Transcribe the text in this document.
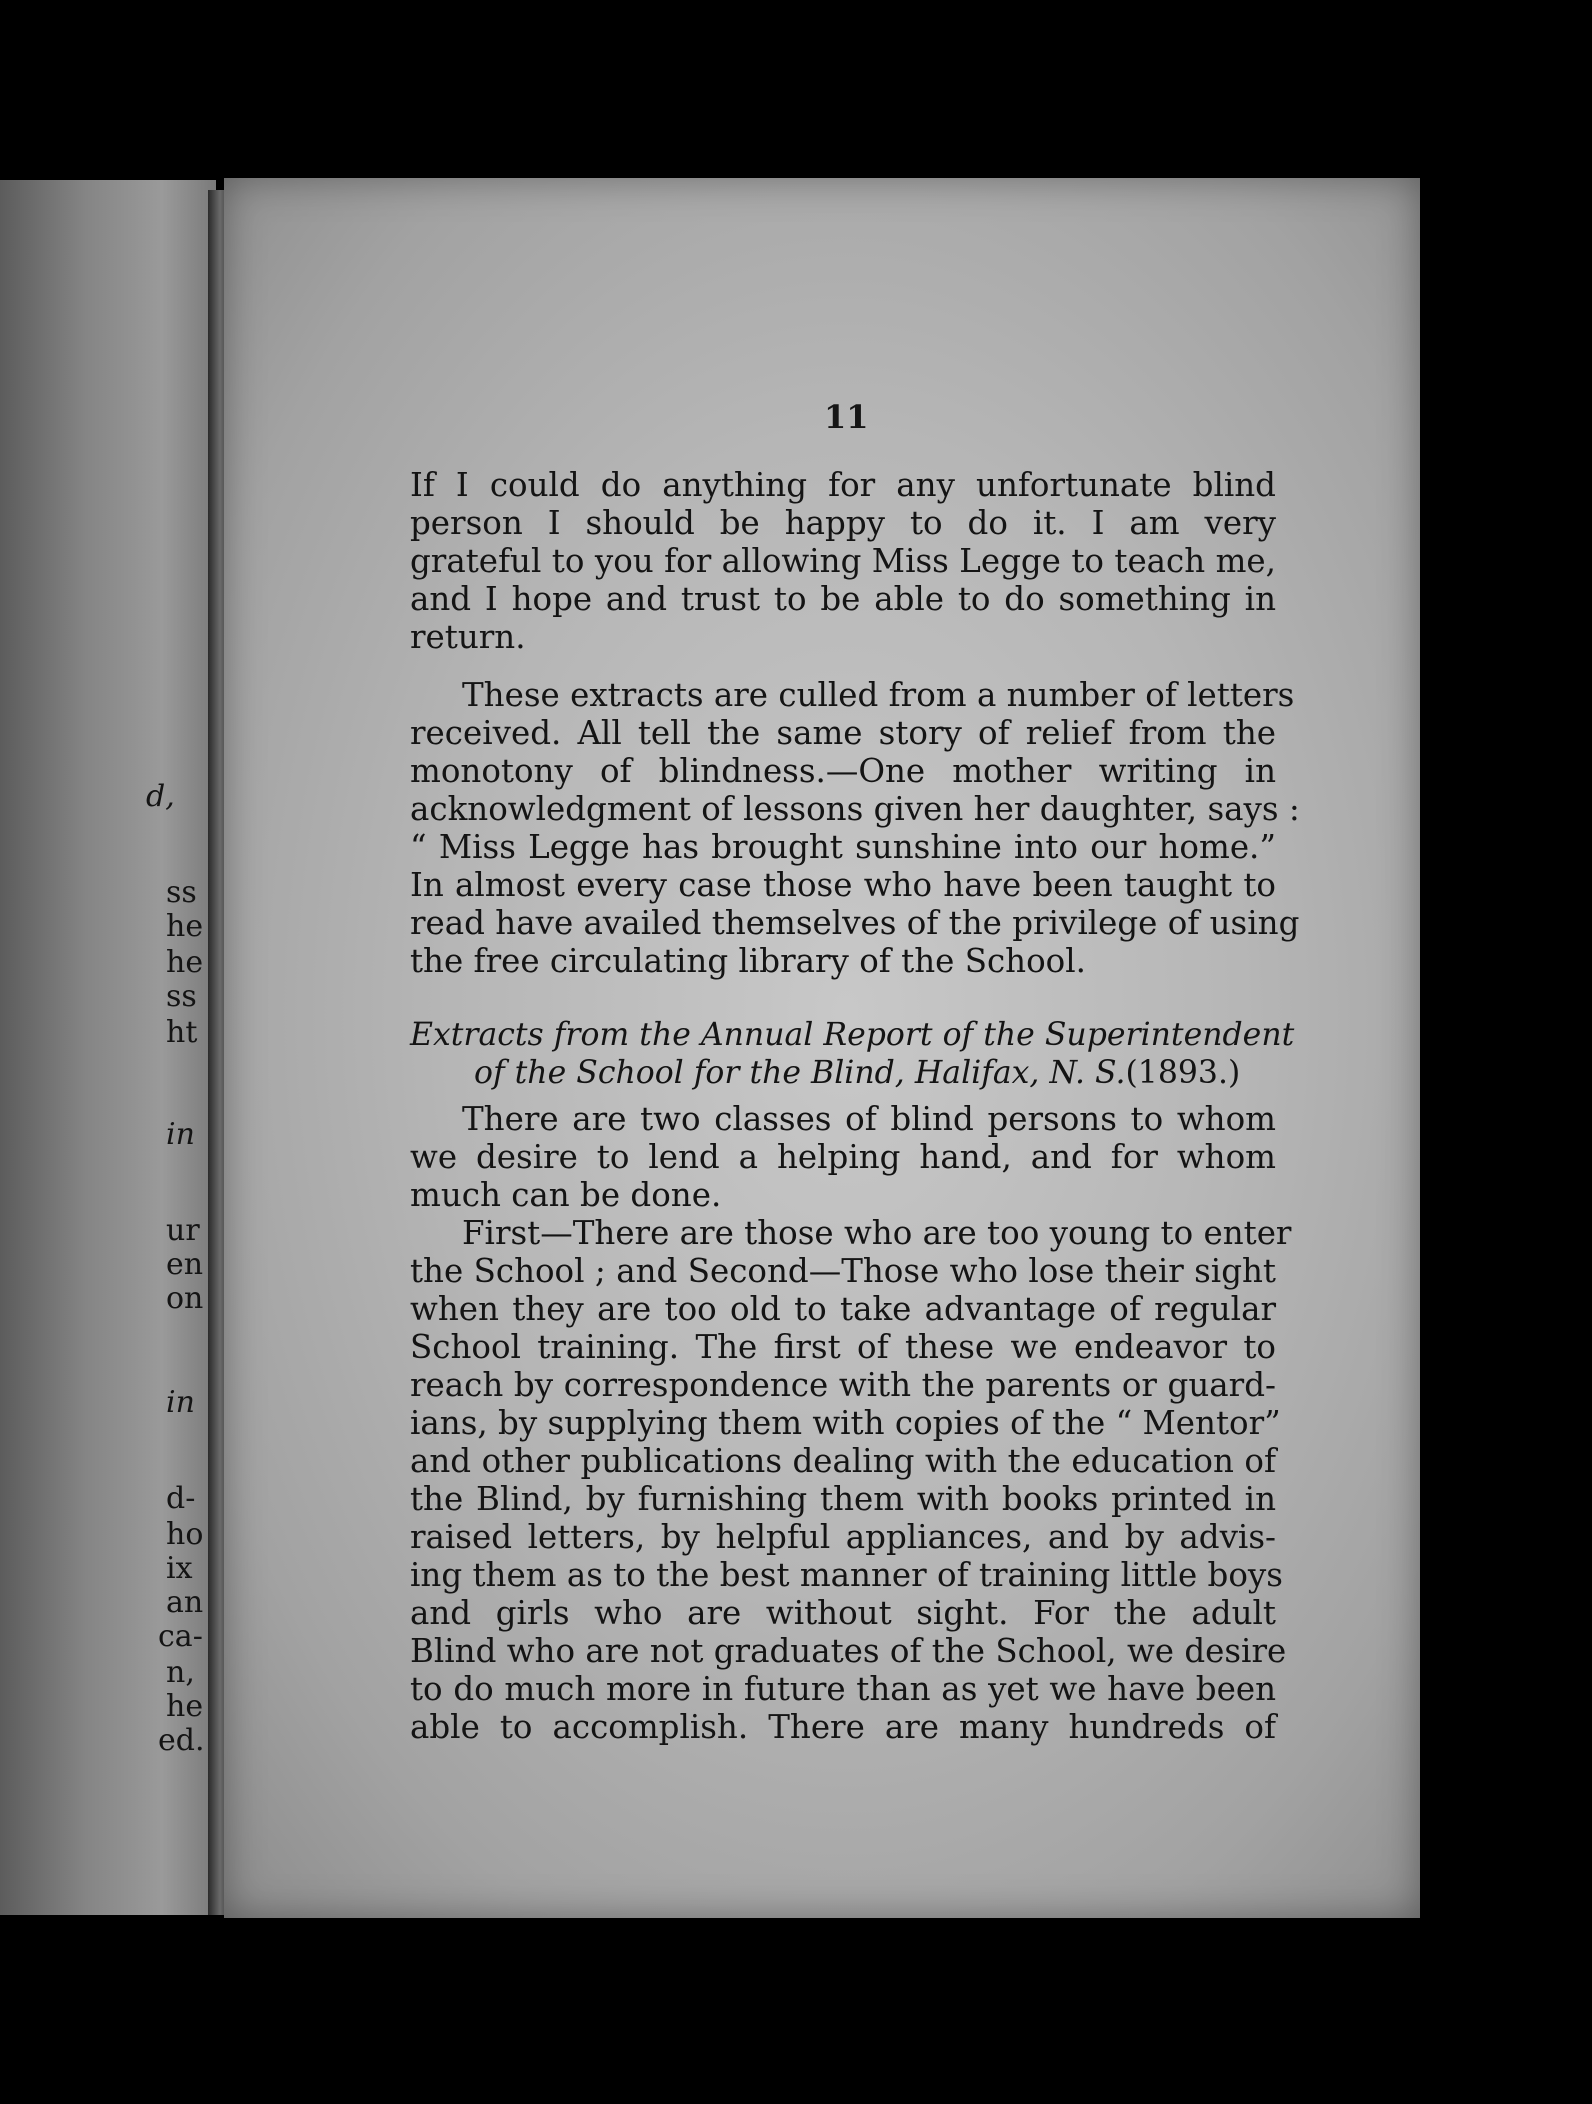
d,
ss
he
he
ss
ht
in
ur
en
on
in
d-
ho
ix
an
ca-
n,
he
ed.

11

If I could do anything for any unfortunate blind
person I should be happy to do it. I am very
grateful to you for allowing Miss Legge to teach me,
and I hope and trust to be able to do something in
return.

These extracts are culled from a number of letters
received. All tell the same story of relief from the
monotony of blindness.—One mother writing in
acknowledgment of lessons given her daughter, says :
“ Miss Legge has brought sunshine into our home.”
In almost every case those who have been taught to
read have availed themselves of the privilege of using
the free circulating library of the School.

Extracts from the Annual Report of the Superintendent
of the School for the Blind, Halifax, N. S.(1893.)

There are two classes of blind persons to whom
we desire to lend a helping hand, and for whom
much can be done.

First—There are those who are too young to enter
the School ; and Second—Those who lose their sight
when they are too old to take advantage of regular
School training. The first of these we endeavor to
reach by correspondence with the parents or guard-
ians, by supplying them with copies of the “ Mentor”
and other publications dealing with the education of
the Blind, by furnishing them with books printed in
raised letters, by helpful appliances, and by advis-
ing them as to the best manner of training little boys
and girls who are without sight. For the adult
Blind who are not graduates of the School, we desire
to do much more in future than as yet we have been
able to accomplish. There are many hundreds of
